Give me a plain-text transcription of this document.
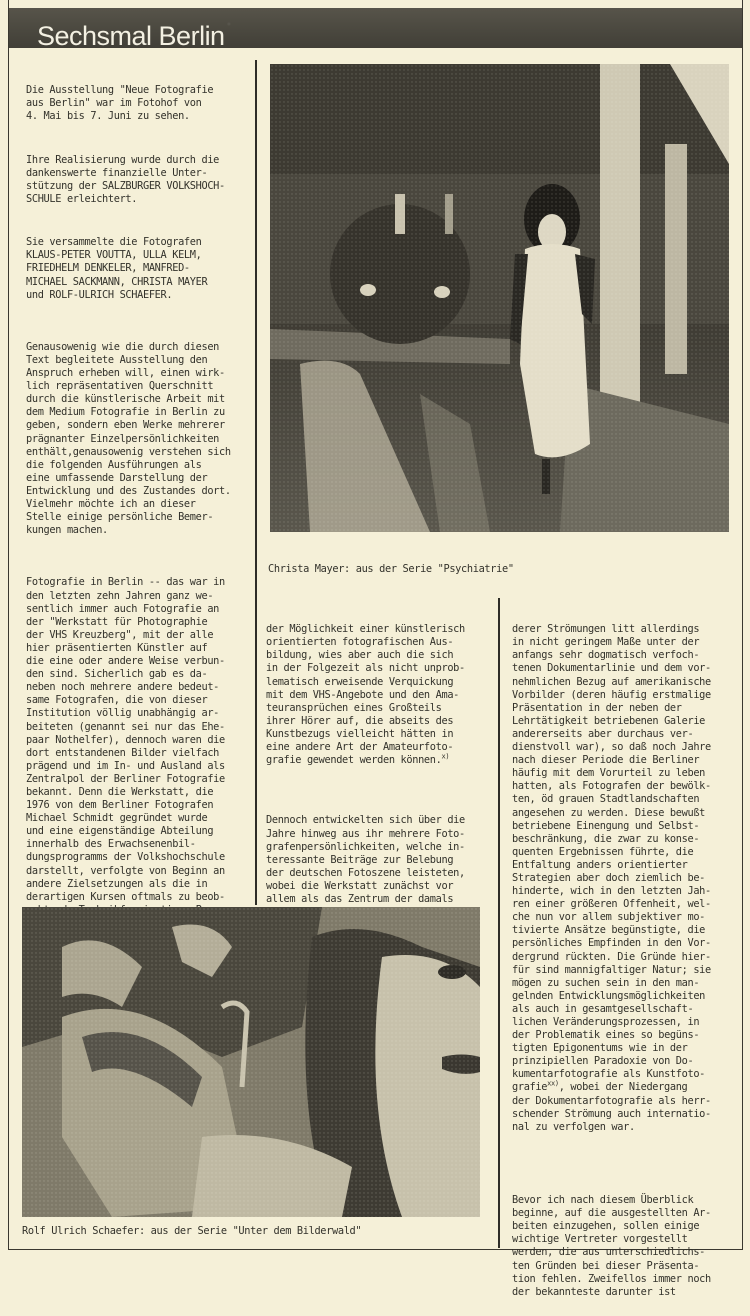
Sechsmal Berlin

Die Ausstellung "Neue Fotografie
aus Berlin" war im Fotohof von
4. Mai bis 7. Juni zu sehen.

Ihre Realisierung wurde durch die
dankenswerte finanzielle Unter-
stützung der SALZBURGER VOLKSHOCH-
SCHULE erleichtert.

Sie versammelte die Fotografen
KLAUS-PETER VOUTTA, ULLA KELM,
FRIEDHELM DENKELER, MANFRED-
MICHAEL SACKMANN, CHRISTA MAYER
und ROLF-ULRICH SCHAEFER.

Genausowenig wie die durch diesen
Text begleitete Ausstellung den
Anspruch erheben will, einen wirk-
lich repräsentativen Querschnitt
durch die künstlerische Arbeit mit
dem Medium Fotografie in Berlin zu
geben, sondern eben Werke mehrerer
prägnanter Einzelpersönlichkeiten
enthält,genausowenig verstehen sich
die folgenden Ausführungen als
eine umfassende Darstellung der
Entwicklung und des Zustandes dort.
Vielmehr möchte ich an dieser
Stelle einige persönliche Bemer-
kungen machen.

Fotografie in Berlin -- das war in
den letzten zehn Jahren ganz we-
sentlich immer auch Fotografie an
der "Werkstatt für Photographie
der VHS Kreuzberg", mit der alle
hier präsentierten Künstler auf
die eine oder andere Weise verbun-
den sind. Sicherlich gab es da-
neben noch mehrere andere bedeut-
same Fotografen, die von dieser
Institution völlig unabhängig ar-
beiteten (genannt sei nur das Ehe-
paar Nothelfer), dennoch waren die
dort entstandenen Bilder vielfach
prägend und im In- und Ausland als
Zentralpol der Berliner Fotografie
bekannt. Denn die Werkstatt, die
1976 von dem Berliner Fotografen
Michael Schmidt gegründet wurde
und eine eigenständige Abteilung
innerhalb des Erwachsenenbil-
dungsprogramms der Volkshochschule
darstellt, verfolgte von Beginn an
andere Zielsetzungen als die in
derartigen Kursen oftmals zu beob-

Christa Mayer: aus der Serie "Psychiatrie"

der Möglichkeit einer künstlerisch
orientierten fotografischen Aus-
bildung, wies aber auch die sich
in der Folgezeit als nicht unprob-
lematisch erweisende Verquickung
mit dem VHS-Angebote und den Ama-
teuransprüchen eines Großteils
ihrer Hörer auf, die abseits des
Kunstbezugs vielleicht hätten in
eine andere Art der Amateurfoto-
grafie gewendet werden können.$^{x)}$

Dennoch entwickelten sich über die
Jahre hinweg aus ihr mehrere Foto-
grafenpersönlichkeiten, welche in-
teressante Beiträge zur Belebung
der deutschen Fotoszene leisteten,
wobei die Werkstatt zunächst vor
allem als das Zentrum der damals

derer Strömungen litt allerdings
in nicht geringem Maße unter der
anfangs sehr dogmatisch verfoch-
tenen Dokumentarlinie und dem vor-
nehmlichen Bezug auf amerikanische
Vorbilder (deren häufig erstmalige
Präsentation in der neben der
Lehrtätigkeit betriebenen Galerie
andererseits aber durchaus ver-
dienstvoll war), so daß noch Jahre
nach dieser Periode die Berliner
häufig mit dem Vorurteil zu leben
hatten, als Fotografen der bewölk-
ten, öd grauen Stadtlandschaften
angesehen zu werden. Diese bewußt
betriebene Einengung und Selbst-
beschränkung, die zwar zu konse-
quenten Ergebnissen führte, die
Entfaltung anders orientierter
Strategien aber doch ziemlich be-
hinderte, wich in den letzten Jah-
ren einer größeren Offenheit, wel-
che nun vor allem subjektiver mo-
tivierte Ansätze begünstigte, die
persönliches Empfinden in den Vor-
dergrund rückten. Die Gründe hier-
für sind mannigfaltiger Natur; sie
mögen zu suchen sein in den man-
gelnden Entwicklungsmöglichkeiten
als auch in gesamtgesellschaft-
lichen Veränderungsprozessen, in
der Problematik eines so begüns-
tigten Epigonentums wie in der
prinzipiellen Paradoxie von Do-
kumentarfotografie als Kunstfoto-
grafie$^{xx)}$, wobei der Niedergang
der Dokumentarfotografie als herr-
schender Strömung auch internatio-
nal zu verfolgen war.

Bevor ich nach diesem Überblick
beginne, auf die ausgestellten Ar-
beiten einzugehen, sollen einige
wichtige Vertreter vorgestellt
werden, die aus unterschiedlichs-
ten Gründen bei dieser Präsenta-
tion fehlen. Zweifellos immer noch
der bekannteste darunter ist

Rolf Ulrich Schaefer: aus der Serie "Unter dem Bilderwald"
